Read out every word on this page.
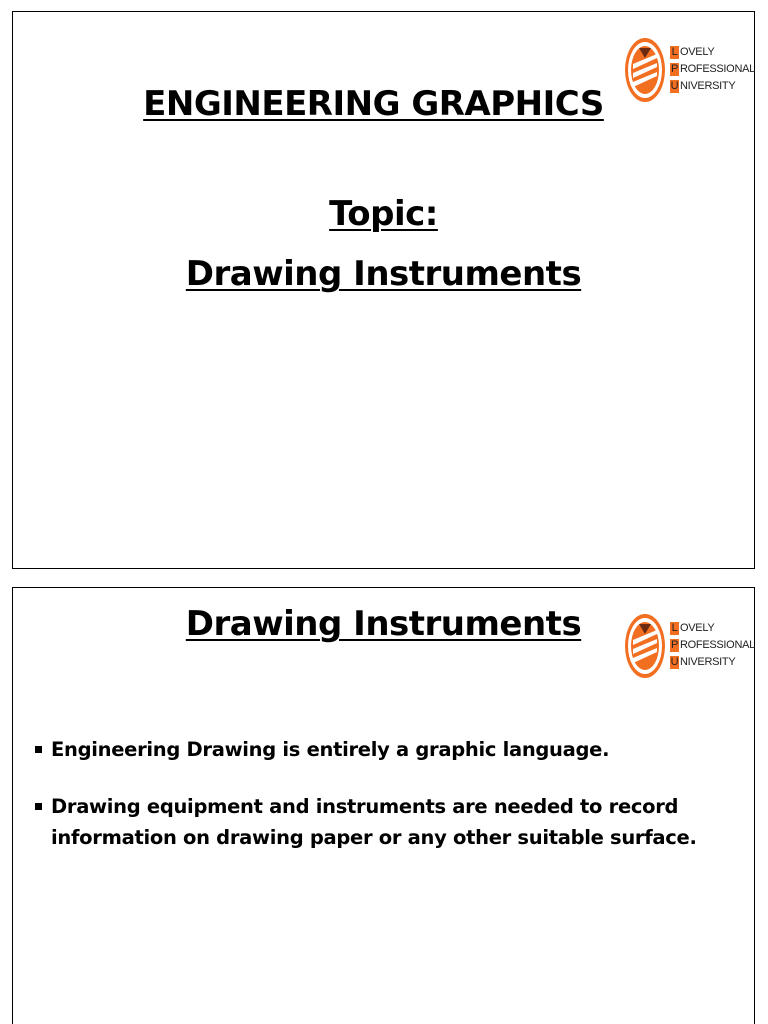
L OVELY
P ROFESSIONAL
U NIVERSITY
ENGINEERING GRAPHICS
Topic:
Drawing Instruments
L OVELY
P ROFESSIONAL
U NIVERSITY
Drawing Instruments
Engineering Drawing is entirely a graphic language.
Drawing equipment and instruments are needed to record information on drawing paper or any other suitable surface.
